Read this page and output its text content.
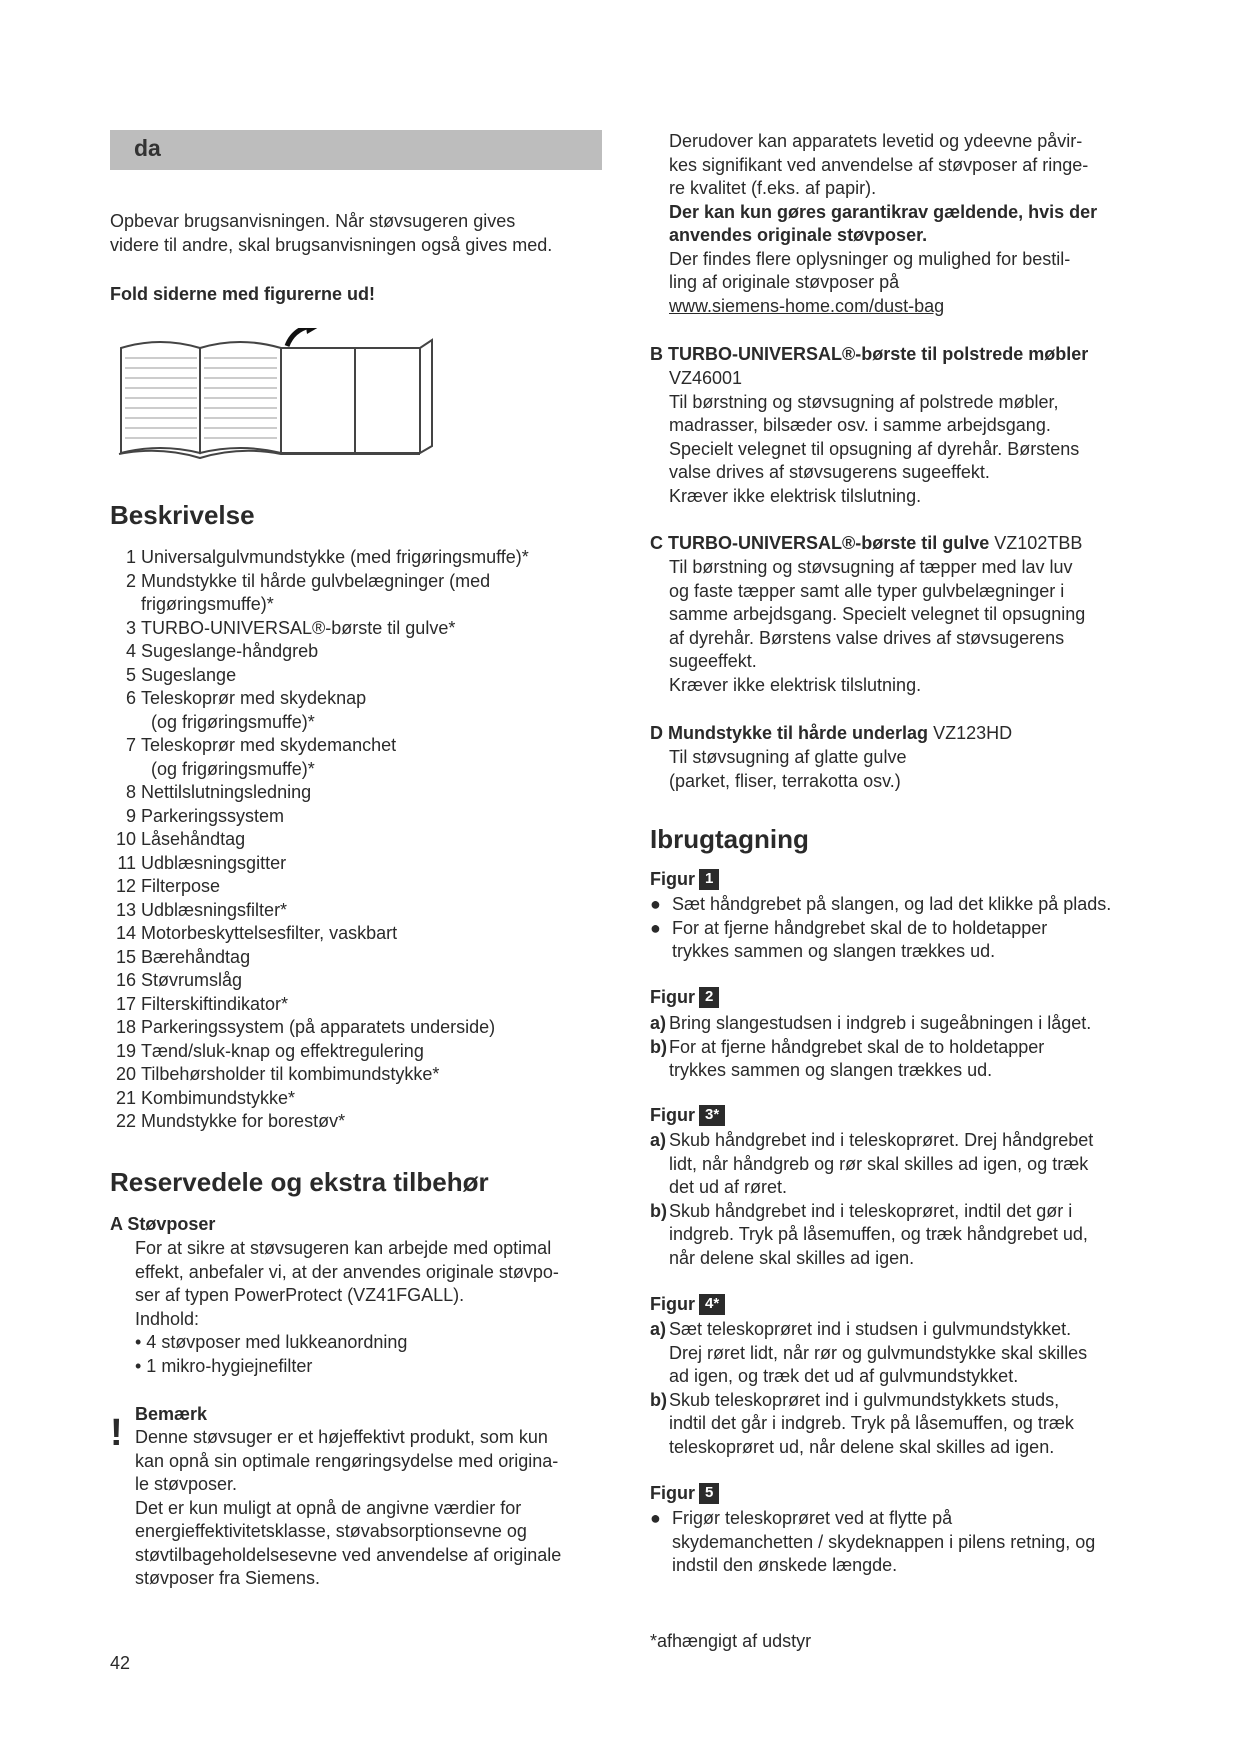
da
Opbevar brugsanvisningen. Når støvsugeren gives
videre til andre, skal brugsanvisningen også gives med.
Fold siderne med figurerne ud!
Beskrivelse
1 Universalgulvmundstykke (med frigøringsmuffe)*
2 Mundstykke til hårde gulvbelægninger (med
frigøringsmuffe)*
3 TURBO-UNIVERSAL®-børste til gulve*
4 Sugeslange-håndgreb
5 Sugeslange
6 Teleskoprør med skydeknap
(og frigøringsmuffe)*
7 Teleskoprør med skydemanchet
(og frigøringsmuffe)*
8 Nettilslutningsledning
9 Parkeringssystem
10 Låsehåndtag
11 Udblæsningsgitter
12 Filterpose
13 Udblæsningsfilter*
14 Motorbeskyttelsesfilter, vaskbart
15 Bærehåndtag
16 Støvrumslåg
17 Filterskiftindikator*
18 Parkeringssystem (på apparatets underside)
19 Tænd/sluk-knap og effektregulering
20 Tilbehørsholder til kombimundstykke*
21 Kombimundstykke*
22 Mundstykke for borestøv*
Reservedele og ekstra tilbehør
A Støvposer
For at sikre at støvsugeren kan arbejde med optimal
effekt, anbefaler vi, at der anvendes originale støvpo-
ser af typen PowerProtect (VZ41FGALL).
Indhold:
• 4 støvposer med lukkeanordning
• 1 mikro-hygiejnefilter
! Bemærk
Denne støvsuger er et højeffektivt produkt, som kun
kan opnå sin optimale rengøringsydelse med origina-
le støvposer.
Det er kun muligt at opnå de angivne værdier for
energieffektivitetsklasse, støvabsorptionsevne og
støvtilbageholdelsesevne ved anvendelse af originale
støvposer fra Siemens.
Derudover kan apparatets levetid og ydeevne påvir-
kes signifikant ved anvendelse af støvposer af ringe-
re kvalitet (f.eks. af papir).
Der kan kun gøres garantikrav gældende, hvis der
anvendes originale støvposer.
Der findes flere oplysninger og mulighed for bestil-
ling af originale støvposer på
www.siemens-home.com/dust-bag
B TURBO-UNIVERSAL®-børste til polstrede møbler
VZ46001
Til børstning og støvsugning af polstrede møbler,
madrasser, bilsæder osv. i samme arbejdsgang.
Specielt velegnet til opsugning af dyrehår. Børstens
valse drives af støvsugerens sugeeffekt.
Kræver ikke elektrisk tilslutning.
C TURBO-UNIVERSAL®-børste til gulve VZ102TBB
Til børstning og støvsugning af tæpper med lav luv
og faste tæpper samt alle typer gulvbelægninger i
samme arbejdsgang. Specielt velegnet til opsugning
af dyrehår. Børstens valse drives af støvsugerens
sugeeffekt.
Kræver ikke elektrisk tilslutning.
D Mundstykke til hårde underlag VZ123HD
Til støvsugning af glatte gulve
(parket, fliser, terrakotta osv.)
Ibrugtagning
Figur 1
● Sæt håndgrebet på slangen, og lad det klikke på plads.
● For at fjerne håndgrebet skal de to holdetapper
trykkes sammen og slangen trækkes ud.
Figur 2
a) Bring slangestudsen i indgreb i sugeåbningen i låget.
b) For at fjerne håndgrebet skal de to holdetapper
trykkes sammen og slangen trækkes ud.
Figur 3*
a) Skub håndgrebet ind i teleskoprøret. Drej håndgrebet
lidt, når håndgreb og rør skal skilles ad igen, og træk
det ud af røret.
b) Skub håndgrebet ind i teleskoprøret, indtil det gør i
indgreb. Tryk på låsemuffen, og træk håndgrebet ud,
når delene skal skilles ad igen.
Figur 4*
a) Sæt teleskoprøret ind i studsen i gulvmundstykket.
Drej røret lidt, når rør og gulvmundstykke skal skilles
ad igen, og træk det ud af gulvmundstykket.
b) Skub teleskoprøret ind i gulvmundstykkets studs,
indtil det går i indgreb. Tryk på låsemuffen, og træk
teleskoprøret ud, når delene skal skilles ad igen.
Figur 5
● Frigør teleskoprøret ved at flytte på
skydemanchetten / skydeknappen i pilens retning, og
indstil den ønskede længde.
42
*afhængigt af udstyr
